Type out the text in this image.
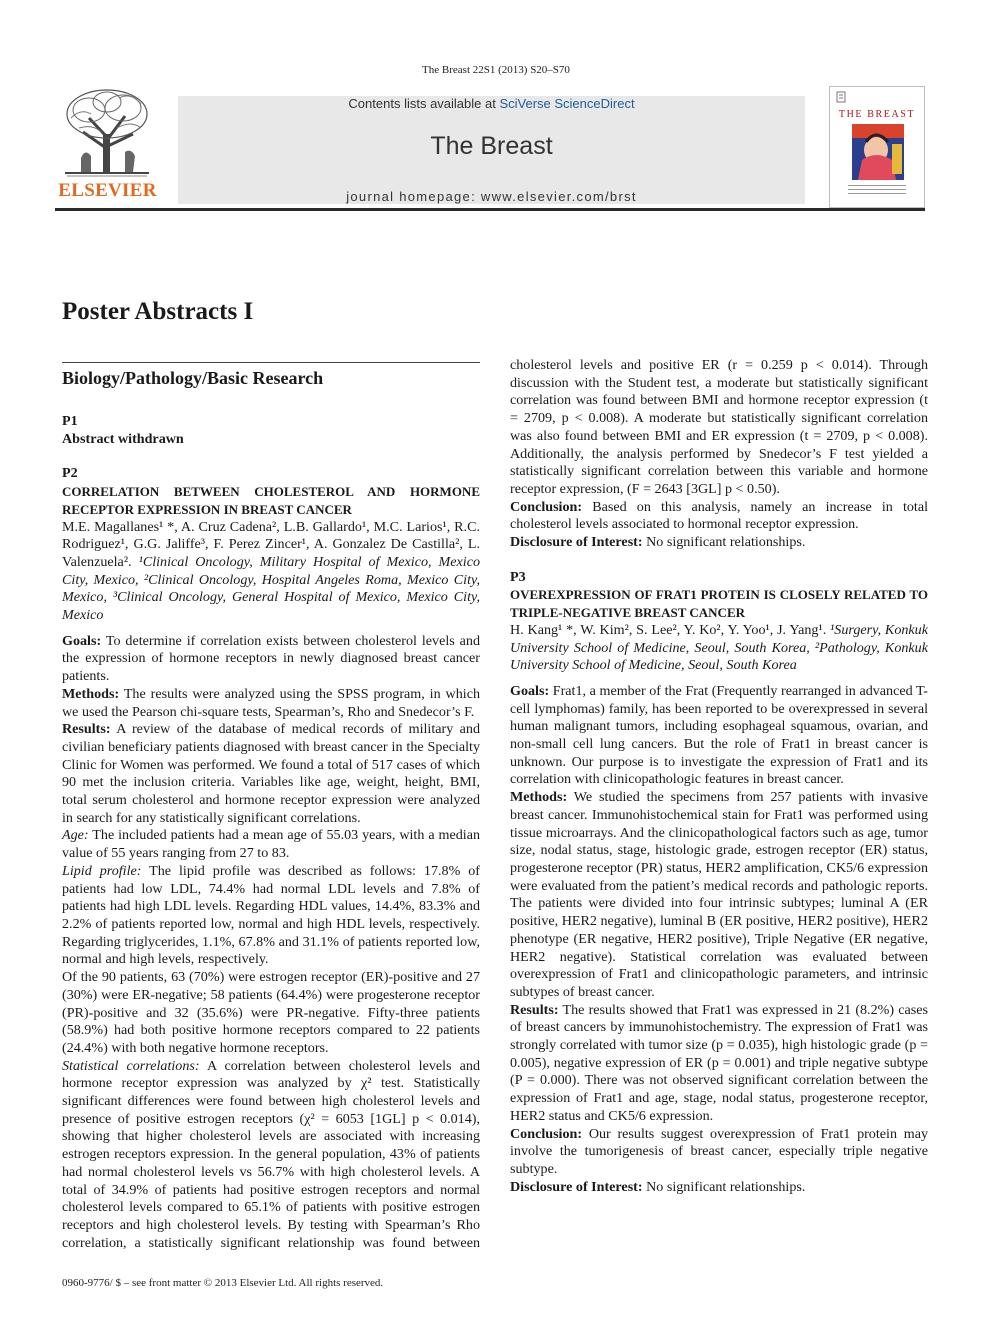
The Breast 22S1 (2013) S20–S70
ELSEVIER
Contents lists available at SciVerse ScienceDirect
The Breast
journal homepage: www.elsevier.com/brst
THE BREAST
Poster Abstracts I
Biology/Pathology/Basic Research
P1
Abstract withdrawn
P2
CORRELATION BETWEEN CHOLESTEROL AND HORMONE RECEPTOR EXPRESSION IN BREAST CANCER

M.E. Magallanes¹ *, A. Cruz Cadena², L.B. Gallardo¹, M.C. Larios¹, R.C. Rodriguez¹, G.G. Jaliffe³, F. Perez Zincer¹, A. Gonzalez De Castilla², L. Valenzuela². ¹Clinical Oncology, Military Hospital of Mexico, Mexico City, Mexico, ²Clinical Oncology, Hospital Angeles Roma, Mexico City, Mexico, ³Clinical Oncology, General Hospital of Mexico, Mexico City, Mexico

Goals: To determine if correlation exists between cholesterol levels and the expression of hormone receptors in newly diagnosed breast cancer patients.

Methods: The results were analyzed using the SPSS program, in which we used the Pearson chi-square tests, Spearman’s, Rho and Snedecor’s F.

Results: A review of the database of medical records of military and civilian beneficiary patients diagnosed with breast cancer in the Specialty Clinic for Women was performed. We found a total of 517 cases of which 90 met the inclusion criteria. Variables like age, weight, height, BMI, total serum cholesterol and hormone receptor expression were analyzed in search for any statistically significant correlations.

Age: The included patients had a mean age of 55.03 years, with a median value of 55 years ranging from 27 to 83.

Lipid profile: The lipid profile was described as follows: 17.8% of patients had low LDL, 74.4% had normal LDL levels and 7.8% of patients had high LDL levels. Regarding HDL values, 14.4%, 83.3% and 2.2% of patients reported low, normal and high HDL levels, respectively. Regarding triglycerides, 1.1%, 67.8% and 31.1% of patients reported low, normal and high levels, respectively.

Of the 90 patients, 63 (70%) were estrogen receptor (ER)-positive and 27 (30%) were ER-negative; 58 patients (64.4%) were progesterone receptor (PR)-positive and 32 (35.6%) were PR-negative. Fifty-three patients (58.9%) had both positive hormone receptors compared to 22 patients (24.4%) with both negative hormone receptors.

Statistical correlations: A correlation between cholesterol levels and hormone receptor expression was analyzed by χ² test. Statistically significant differences were found between high cholesterol levels and presence of positive estrogen receptors (χ² = 6053 [1GL] p < 0.014), showing that higher cholesterol levels are associated with increasing estrogen receptors expression. In the general population, 43% of patients had normal cholesterol levels vs 56.7% with high cholesterol levels. A total of 34.9% of patients had positive estrogen receptors and normal cholesterol levels compared to 65.1% of patients with positive estrogen receptors and high cholesterol levels. By testing with Spearman’s Rho correlation, a statistically significant relationship was found between

0960-9776/ $ – see front matter © 2013 Elsevier Ltd. All rights reserved.

cholesterol levels and positive ER (r = 0.259 p < 0.014). Through discussion with the Student test, a moderate but statistically significant correlation was found between BMI and hormone receptor expression (t = 2709, p < 0.008). A moderate but statistically significant correlation was also found between BMI and ER expression (t = 2709, p < 0.008). Additionally, the analysis performed by Snedecor’s F test yielded a statistically significant correlation between this variable and hormone receptor expression, (F = 2643 [3GL] p < 0.50).

Conclusion: Based on this analysis, namely an increase in total cholesterol levels associated to hormonal receptor expression.

Disclosure of Interest: No significant relationships.

P3
OVEREXPRESSION OF FRAT1 PROTEIN IS CLOSELY RELATED TO TRIPLE-NEGATIVE BREAST CANCER

H. Kang¹ *, W. Kim², S. Lee², Y. Ko², Y. Yoo¹, J. Yang¹. ¹Surgery, Konkuk University School of Medicine, Seoul, South Korea, ²Pathology, Konkuk University School of Medicine, Seoul, South Korea

Goals: Frat1, a member of the Frat (Frequently rearranged in advanced T-cell lymphomas) family, has been reported to be overexpressed in several human malignant tumors, including esophageal squamous, ovarian, and non-small cell lung cancers. But the role of Frat1 in breast cancer is unknown. Our purpose is to investigate the expression of Frat1 and its correlation with clinicopathologic features in breast cancer.

Methods: We studied the specimens from 257 patients with invasive breast cancer. Immunohistochemical stain for Frat1 was performed using tissue microarrays. And the clinicopathological factors such as age, tumor size, nodal status, stage, histologic grade, estrogen receptor (ER) status, progesterone receptor (PR) status, HER2 amplification, CK5/6 expression were evaluated from the patient’s medical records and pathologic reports. The patients were divided into four intrinsic subtypes; luminal A (ER positive, HER2 negative), luminal B (ER positive, HER2 positive), HER2 phenotype (ER negative, HER2 positive), Triple Negative (ER negative, HER2 negative). Statistical correlation was evaluated between overexpression of Frat1 and clinicopathologic parameters, and intrinsic subtypes of breast cancer.

Results: The results showed that Frat1 was expressed in 21 (8.2%) cases of breast cancers by immunohistochemistry. The expression of Frat1 was strongly correlated with tumor size (p = 0.035), high histologic grade (p = 0.005), negative expression of ER (p = 0.001) and triple negative subtype (P = 0.000). There was not observed significant correlation between the expression of Frat1 and age, stage, nodal status, progesterone receptor, HER2 status and CK5/6 expression.

Conclusion: Our results suggest overexpression of Frat1 protein may involve the tumorigenesis of breast cancer, especially triple negative subtype.

Disclosure of Interest: No significant relationships.
